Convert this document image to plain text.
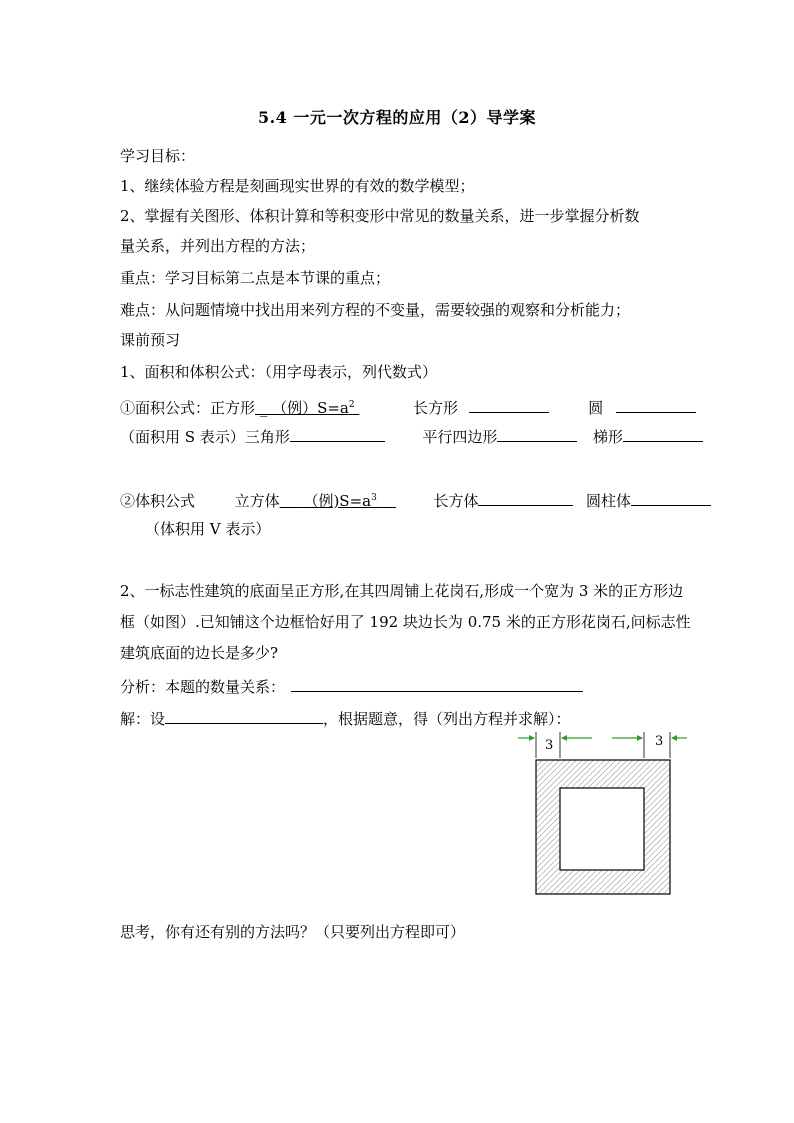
5.4 一元一次方程的应用（2）导学案
学习目标：
1、继续体验方程是刻画现实世界的有效的数学模型；
2、掌握有关图形、体积计算和等积变形中常见的数量关系，进一步掌握分析数
量关系，并列出方程的方法；
重点：学习目标第二点是本节课的重点；
难点：从问题情境中找出用来列方程的不变量，需要较强的观察和分析能力；
课前预习
1、面积和体积公式：（用字母表示，列代数式）
①面积公式：正方形 _ （例）$S=a^2$	长方形	圆
（面积用 S 表示）三角形	平行四边形	梯形
②体积公式	立方体 （例)$S=a^3$	长方体	圆柱体
（体积用 V 表示）
2、一标志性建筑的底面呈正方形,在其四周铺上花岗石,形成一个宽为 3 米的正方形边
框（如图）.已知铺这个边框恰好用了 192 块边长为 0.75 米的正方形花岗石,问标志性
建筑底面的边长是多少?
分析：本题的数量关系：
解：设	，根据题意，得（列出方程并求解）：
3	3
思考，你有还有别的方法吗？（只要列出方程即可）
